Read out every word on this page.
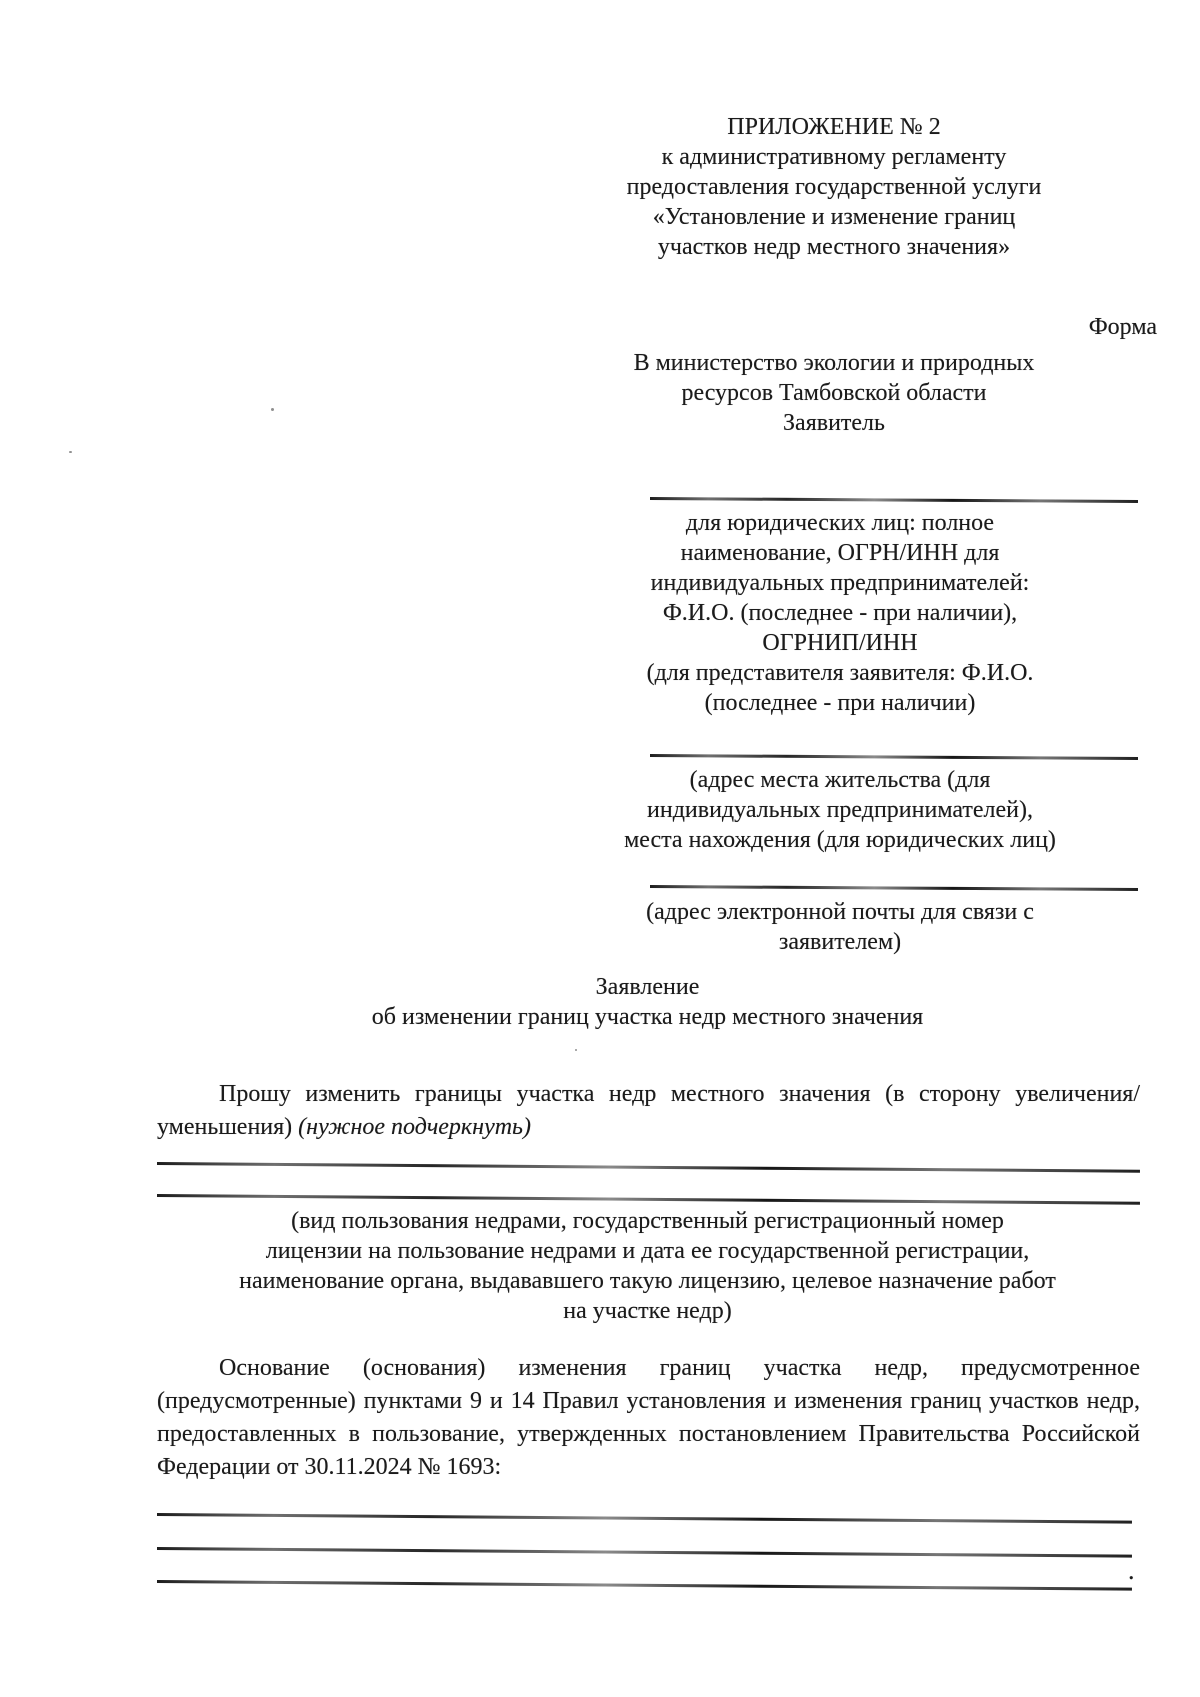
ПРИЛОЖЕНИЕ № 2
к административному регламенту
предоставления государственной услуги
«Установление и изменение границ
участков недр местного значения»
Форма
В министерство экологии и природных
ресурсов Тамбовской области
Заявитель
для юридических лиц: полное
наименование, ОГРН/ИНН для
индивидуальных предпринимателей:
Ф.И.О. (последнее - при наличии),
ОГРНИП/ИНН
(для представителя заявителя: Ф.И.О.
(последнее - при наличии)
(адрес места жительства (для
индивидуальных предпринимателей),
места нахождения (для юридических лиц)
(адрес электронной почты для связи с
заявителем)
Заявление
об изменении границ участка недр местного значения

Прошу изменить границы участка недр местного значения (в сторону увеличения/уменьшения) (нужное подчеркнуть)

(вид пользования недрами, государственный регистрационный номер
лицензии на пользование недрами и дата ее государственной регистрации,
наименование органа, выдававшего такую лицензию, целевое назначение работ
на участке недр)

Основание (основания) изменения границ участка недр, предусмотренное (предусмотренные) пунктами 9 и 14 Правил установления и изменения границ участков недр, предоставленных в пользование, утвержденных постановлением Правительства Российской Федерации от 30.11.2024 № 1693:

.
